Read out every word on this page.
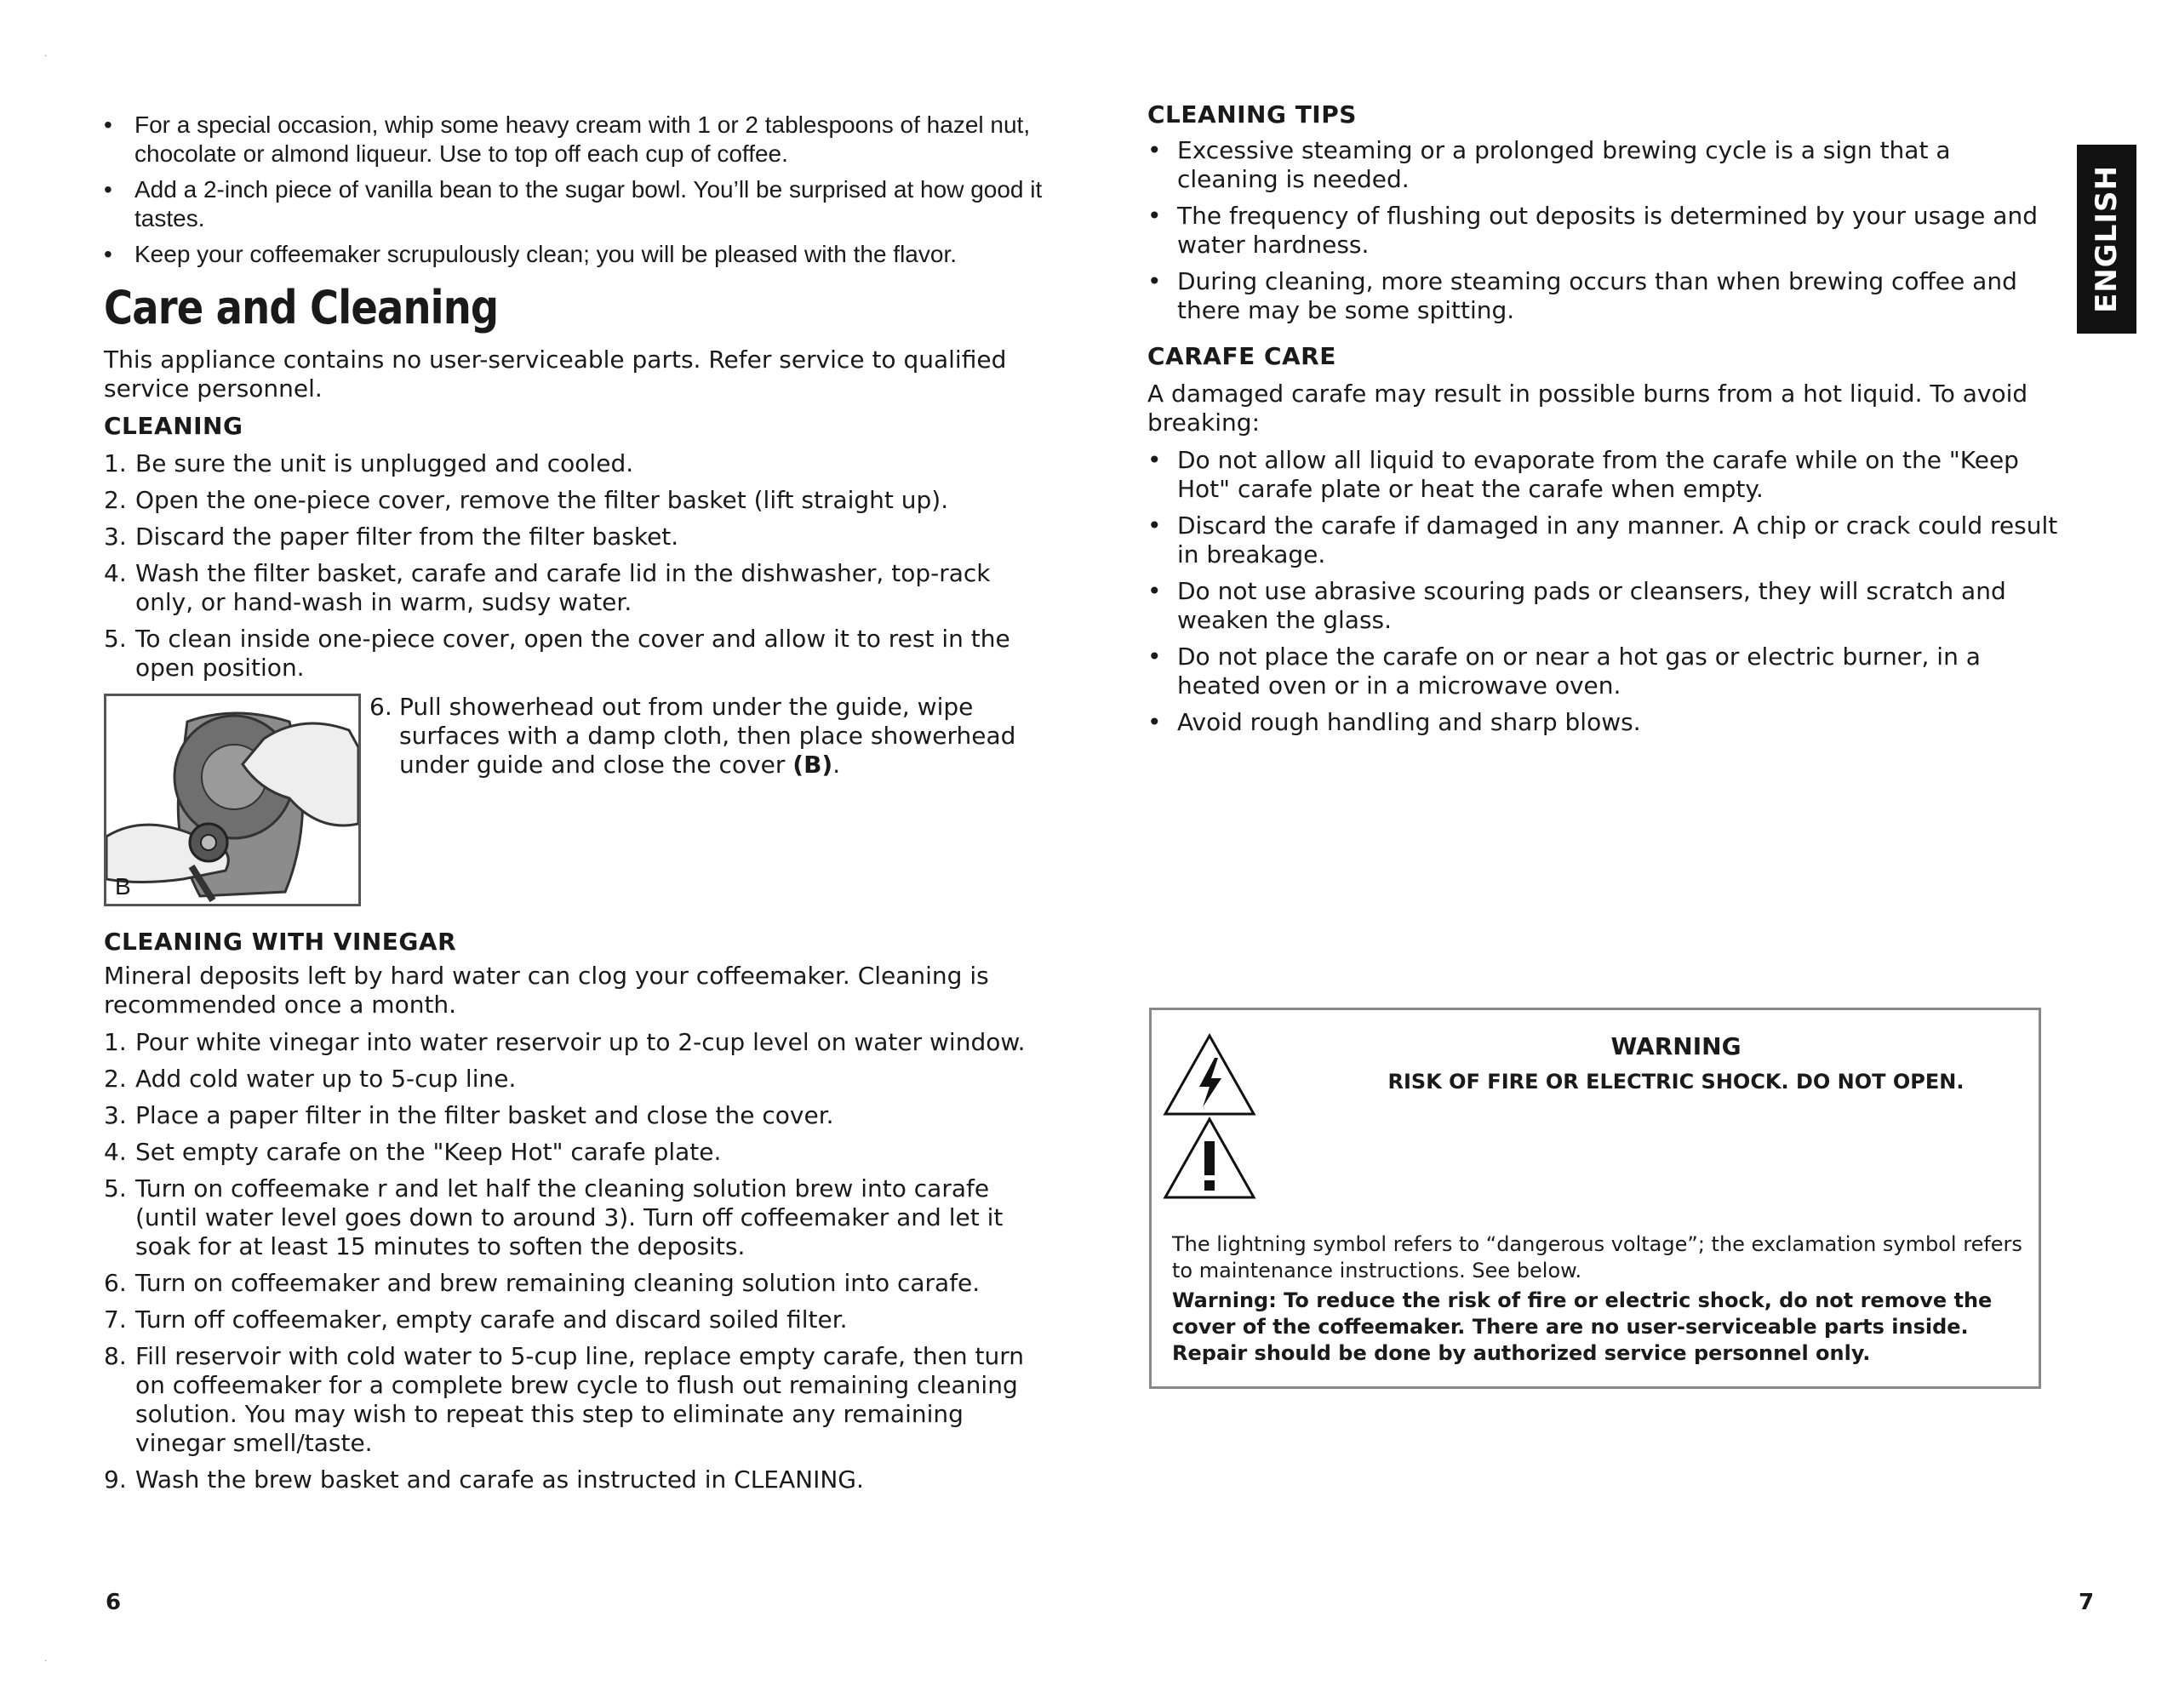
.
.
• For a special occasion, whip some heavy cream with 1 or 2 tablespoons of hazel nut, chocolate or almond liqueur. Use to top off each cup of coffee.
• Add a 2-inch piece of vanilla bean to the sugar bowl. You’ll be surprised at how good it tastes.
• Keep your coffeemaker scrupulously clean; you will be pleased with the flavor.
Care and Cleaning

This appliance contains no user-serviceable parts. Refer service to qualified service personnel.

CLEANING

1. Be sure the unit is unplugged and cooled.
2. Open the one-piece cover, remove the filter basket (lift straight up).
3. Discard the paper filter from the filter basket.
4. Wash the filter basket, carafe and carafe lid in the dishwasher, top-rack only, or hand-wash in warm, sudsy water.
5. To clean inside one-piece cover, open the cover and allow it to rest in the open position.
B
6. Pull showerhead out from under the guide, wipe surfaces with a damp cloth, then place showerhead under guide and close the cover (B).

CLEANING WITH VINEGAR

Mineral deposits left by hard water can clog your coffeemaker. Cleaning is recommended once a month.

1. Pour white vinegar into water reservoir up to 2-cup level on water window.
2. Add cold water up to 5-cup line.
3. Place a paper filter in the filter basket and close the cover.
4. Set empty carafe on the "Keep Hot" carafe plate.
5. Turn on coffeemake r and let half the cleaning solution brew into carafe (until water level goes down to around 3). Turn off coffeemaker and let it soak for at least 15 minutes to soften the deposits.
6. Turn on coffeemaker and brew remaining cleaning solution into carafe.
7. Turn off coffeemaker, empty carafe and discard soiled filter.
8. Fill reservoir with cold water to 5-cup line, replace empty carafe, then turn on coffeemaker for a complete brew cycle to flush out remaining cleaning solution. You may wish to repeat this step to eliminate any remaining vinegar smell/taste.
9. Wash the brew basket and carafe as instructed in CLEANING.
6

CLEANING TIPS

• Excessive steaming or a prolonged brewing cycle is a sign that a cleaning is needed.
• The frequency of flushing out deposits is determined by your usage and water hardness.
• During cleaning, more steaming occurs than when brewing coffee and there may be some spitting.

CARAFE CARE

A damaged carafe may result in possible burns from a hot liquid. To avoid breaking:

• Do not allow all liquid to evaporate from the carafe while on the "Keep Hot" carafe plate or heat the carafe when empty.
• Discard the carafe if damaged in any manner. A chip or crack could result in breakage.
• Do not use abrasive scouring pads or cleansers, they will scratch and weaken the glass.
• Do not place the carafe on or near a hot gas or electric burner, in a heated oven or in a microwave oven.
• Avoid rough handling and sharp blows.
ENGLISH
WARNING
RISK OF FIRE OR ELECTRIC SHOCK. DO NOT OPEN.
The lightning symbol refers to “dangerous voltage”; the exclamation symbol refers to maintenance instructions. See below.
Warning: To reduce the risk of fire or electric shock, do not remove the cover of the coffeemaker. There are no user-serviceable parts inside. Repair should be done by authorized service personnel only.
7
